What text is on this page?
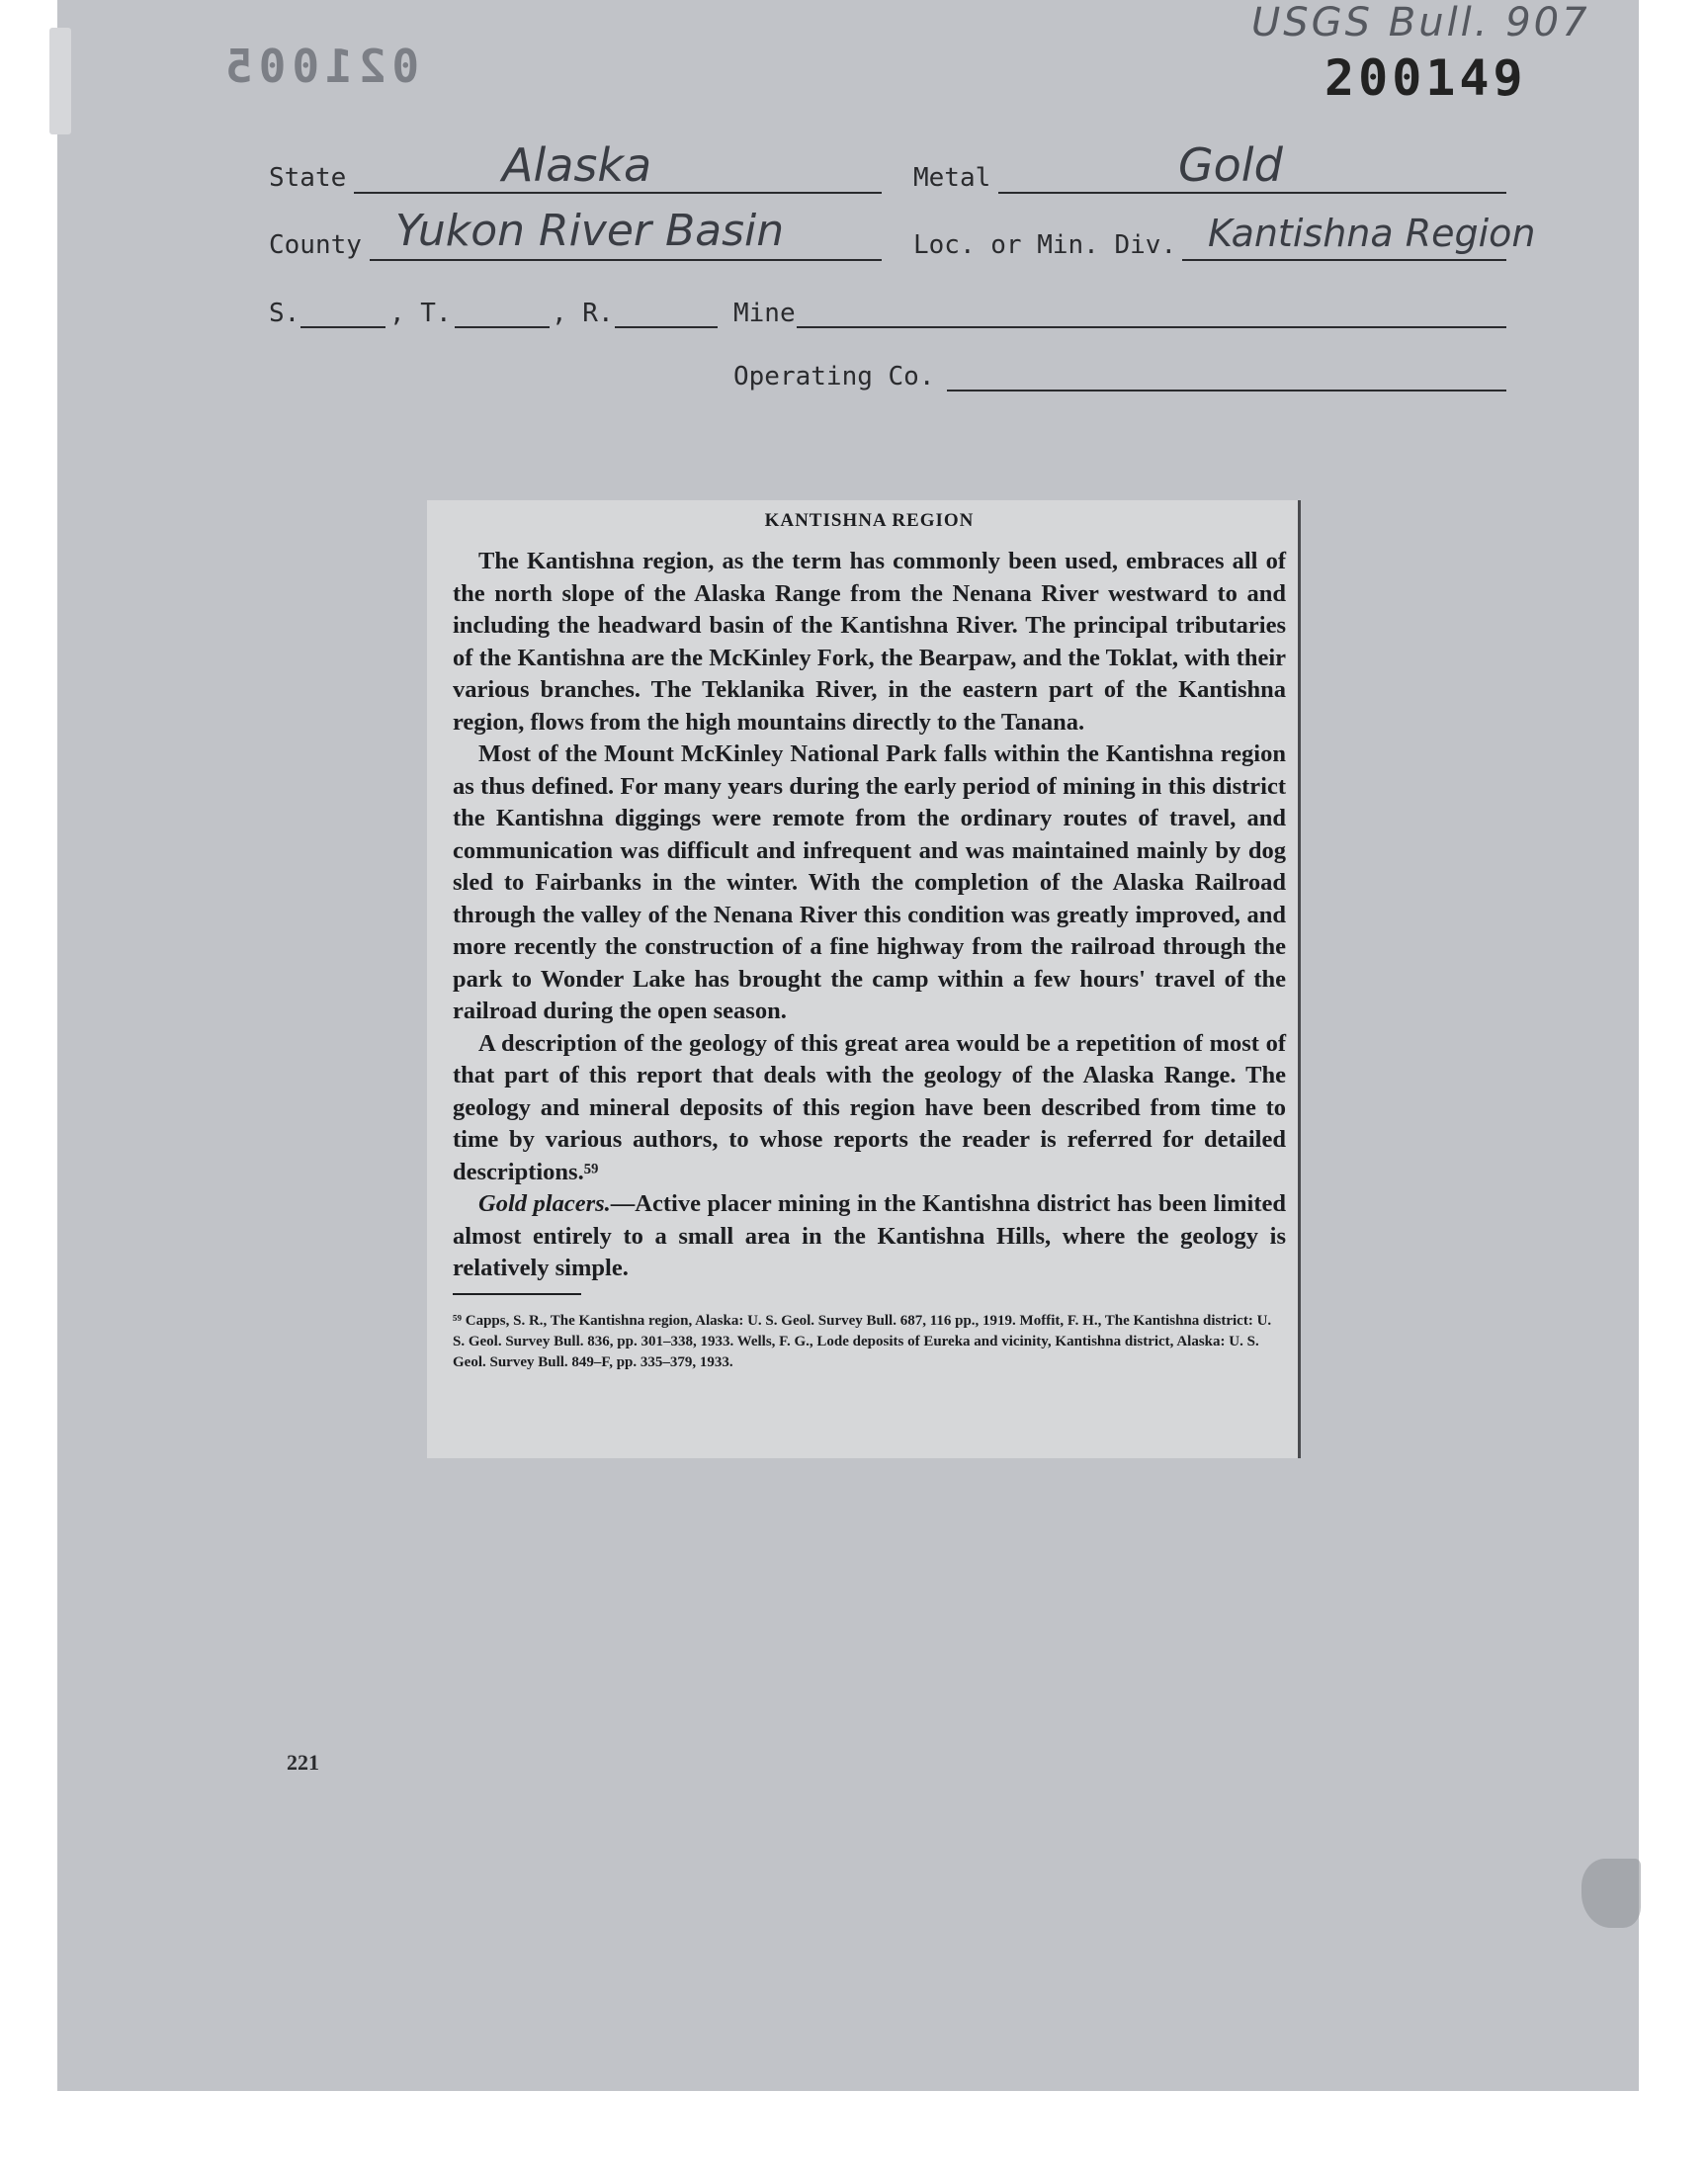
021005
USGS Bull. 907
200149
State	Alaska	Metal	Gold
County Yukon River Basin	Loc. or Min. Div. Kantishna Region
S.	, T.	, R.	Mine
Operating Co.
KANTISHNA REGION

The Kantishna region, as the term has commonly been used, embraces all of the north slope of the Alaska Range from the Nenana River westward to and including the headward basin of the Kantishna River. The principal tributaries of the Kantishna are the McKinley Fork, the Bearpaw, and the Toklat, with their various branches. The Teklanika River, in the eastern part of the Kantishna region, flows from the high mountains directly to the Tanana.

Most of the Mount McKinley National Park falls within the Kantishna region as thus defined. For many years during the early period of mining in this district the Kantishna diggings were remote from the ordinary routes of travel, and communication was difficult and infrequent and was maintained mainly by dog sled to Fairbanks in the winter. With the completion of the Alaska Railroad through the valley of the Nenana River this condition was greatly improved, and more recently the construction of a fine highway from the railroad through the park to Wonder Lake has brought the camp within a few hours' travel of the railroad during the open season.

A description of the geology of this great area would be a repetition of most of that part of this report that deals with the geology of the Alaska Range. The geology and mineral deposits of this region have been described from time to time by various authors, to whose reports the reader is referred for detailed descriptions.⁵⁹

Gold placers.—Active placer mining in the Kantishna district has been limited almost entirely to a small area in the Kantishna Hills, where the geology is relatively simple.

⁵⁹ Capps, S. R., The Kantishna region, Alaska: U. S. Geol. Survey Bull. 687, 116 pp., 1919. Moffit, F. H., The Kantishna district: U. S. Geol. Survey Bull. 836, pp. 301–338, 1933. Wells, F. G., Lode deposits of Eureka and vicinity, Kantishna district, Alaska: U. S. Geol. Survey Bull. 849–F, pp. 335–379, 1933.

221
